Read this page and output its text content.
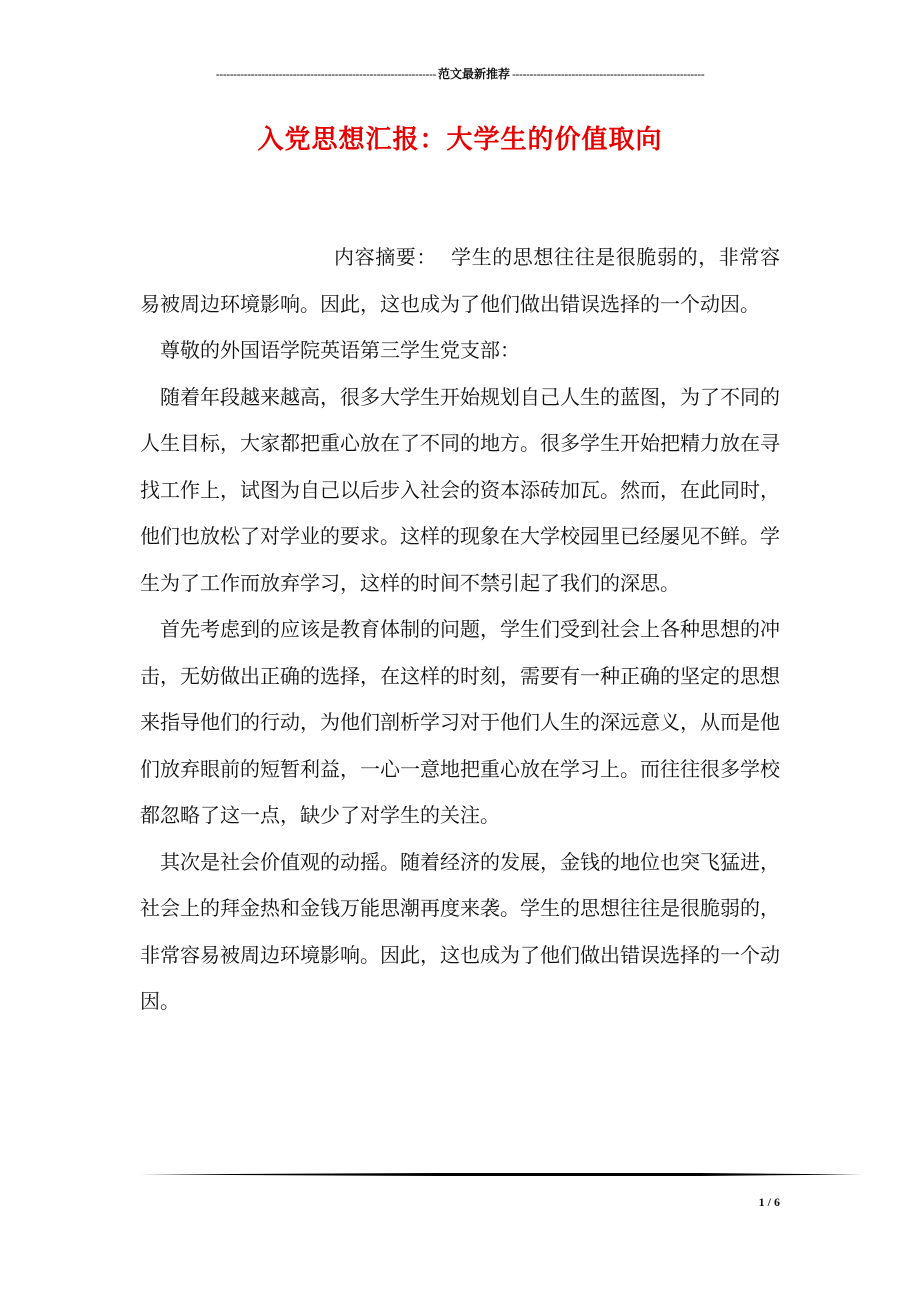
--------------------------------------------------------------- 范文最新推荐 -------------------------------------------------------
入党思想汇报：大学生的价值取向

内容摘要： 学生的思想往往是很脆弱的，非常容易被周边环境影响。因此，这也成为了他们做出错误选择的一个动因。

尊敬的外国语学院英语第三学生党支部：

随着年段越来越高，很多大学生开始规划自己人生的蓝图，为了不同的人生目标，大家都把重心放在了不同的地方。很多学生开始把精力放在寻找工作上，试图为自己以后步入社会的资本添砖加瓦。然而，在此同时，他们也放松了对学业的要求。这样的现象在大学校园里已经屡见不鲜。学生为了工作而放弃学习，这样的时间不禁引起了我们的深思。

首先考虑到的应该是教育体制的问题，学生们受到社会上各种思想的冲击，无妨做出正确的选择，在这样的时刻，需要有一种正确的坚定的思想来指导他们的行动，为他们剖析学习对于他们人生的深远意义，从而是他们放弃眼前的短暂利益，一心一意地把重心放在学习上。而往往很多学校都忽略了这一点，缺少了对学生的关注。

其次是社会价值观的动摇。随着经济的发展，金钱的地位也突飞猛进，社会上的拜金热和金钱万能思潮再度来袭。学生的思想往往是很脆弱的，非常容易被周边环境影响。因此，这也成为了他们做出错误选择的一个动因。

1 / 6
